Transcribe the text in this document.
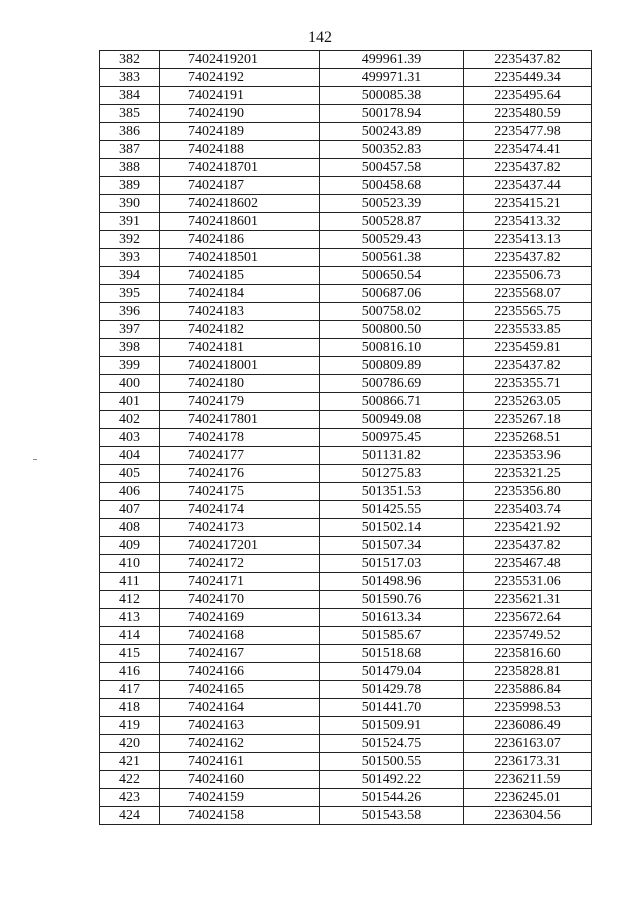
142
382	7402419201	499961.39	2235437.82
383	74024192	499971.31	2235449.34
384	74024191	500085.38	2235495.64
385	74024190	500178.94	2235480.59
386	74024189	500243.89	2235477.98
387	74024188	500352.83	2235474.41
388	7402418701	500457.58	2235437.82
389	74024187	500458.68	2235437.44
390	7402418602	500523.39	2235415.21
391	7402418601	500528.87	2235413.32
392	74024186	500529.43	2235413.13
393	7402418501	500561.38	2235437.82
394	74024185	500650.54	2235506.73
395	74024184	500687.06	2235568.07
396	74024183	500758.02	2235565.75
397	74024182	500800.50	2235533.85
398	74024181	500816.10	2235459.81
399	7402418001	500809.89	2235437.82
400	74024180	500786.69	2235355.71
401	74024179	500866.71	2235263.05
402	7402417801	500949.08	2235267.18
403	74024178	500975.45	2235268.51
404	74024177	501131.82	2235353.96
405	74024176	501275.83	2235321.25
406	74024175	501351.53	2235356.80
407	74024174	501425.55	2235403.74
408	74024173	501502.14	2235421.92
409	7402417201	501507.34	2235437.82
410	74024172	501517.03	2235467.48
411	74024171	501498.96	2235531.06
412	74024170	501590.76	2235621.31
413	74024169	501613.34	2235672.64
414	74024168	501585.67	2235749.52
415	74024167	501518.68	2235816.60
416	74024166	501479.04	2235828.81
417	74024165	501429.78	2235886.84
418	74024164	501441.70	2235998.53
419	74024163	501509.91	2236086.49
420	74024162	501524.75	2236163.07
421	74024161	501500.55	2236173.31
422	74024160	501492.22	2236211.59
423	74024159	501544.26	2236245.01
424	74024158	501543.58	2236304.56
